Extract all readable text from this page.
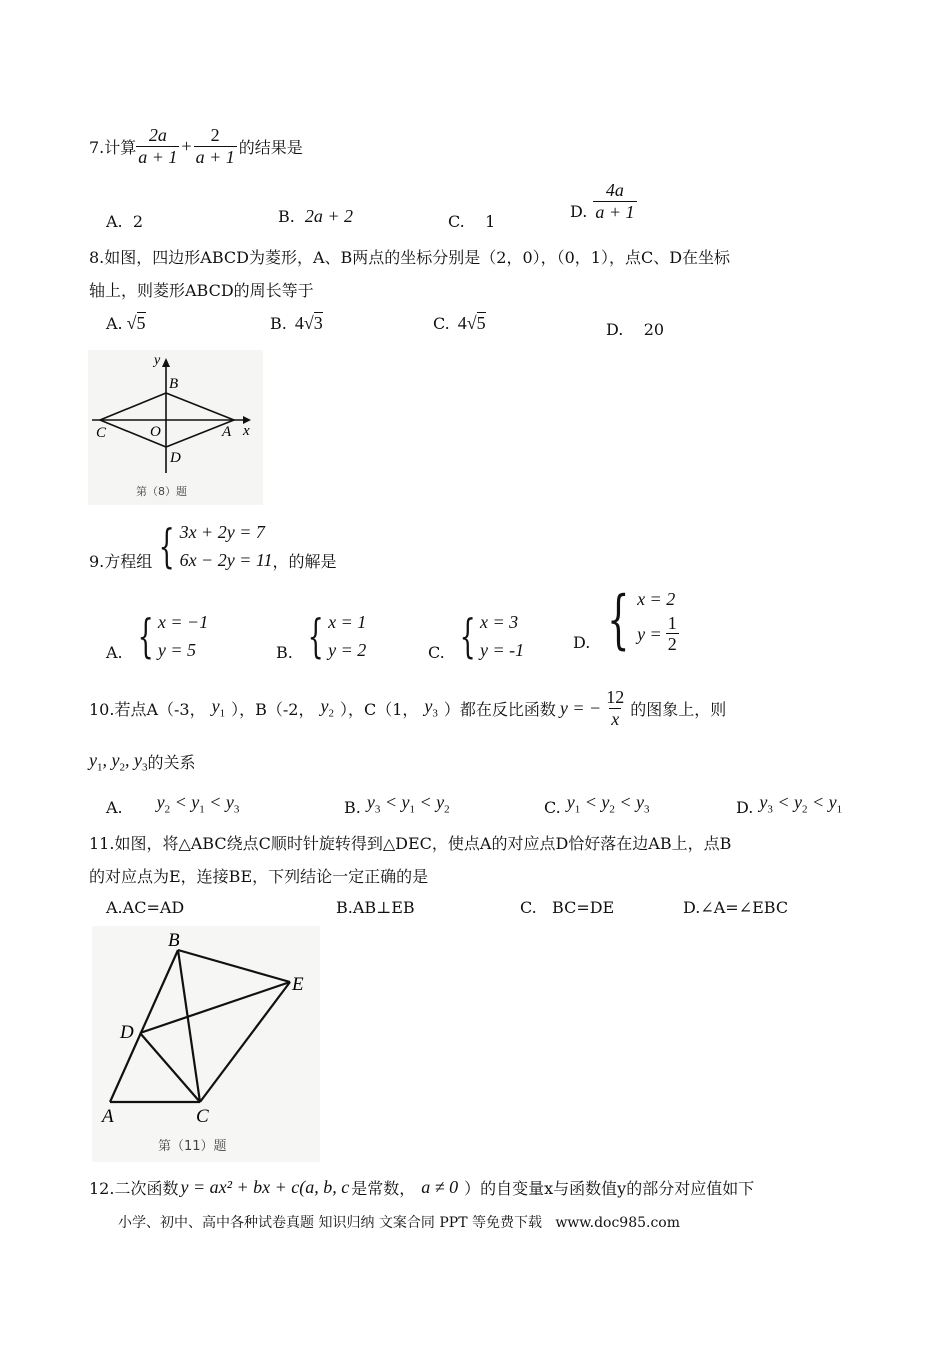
7.计算 $\frac{2a}{a + 1} + \frac{2}{a + 1}$ 的结果是
A. 2	B. 2a + 2	C. 1
D. $\frac{4a}{a + 1}$
8.如图，四边形ABCD为菱形，A、B两点的坐标分别是（2，0），（0，1），点C、D在坐标
轴上，则菱形ABCD的周长等于
A. √5	B. 4√3	C. 4√5	D. 20
y
B
C	O	A x
D
第（8）题
9.方程组 { 3x + 2y = 7
6x − 2y = 11 ，的解是
A. { x = −1
y = 5	B. { x = 1
y = 2	C. { x = 3
y = -1	D. { x = 2
$y = \frac{1}{2}$
10.若点A（-3， $y_1$ ），B（-2， $y_2$ ），C（1， $y_3$ ）都在反比函数 y = − $\frac{12}{x}$ 的图象上，则
$y_1$, $y_2$, $y_3$ 的关系
A. $y_2 < y_1 < y_3$	B. $y_3 < y_1 < y_2$	C. $y_1 < y_2 < y_3$	D. $y_3 < y_2 < y_1$
11.如图，将△ABC绕点C顺时针旋转得到△DEC，使点A的对应点D恰好落在边AB上，点B
的对应点为E，连接BE，下列结论一定正确的是
A.AC=AD	B.AB⊥EB	C.   BC=DE	D.∠A=∠EBC
B
E
D
A	C
第（11）题
12.二次函数 y = ax² + bx + c(a, b, c 是常数， a ≠ 0 ）的自变量x与函数值y的部分对应值如下
小学、初中、高中各种试卷真题 知识归纳 文案合同 PPT 等免费下载   www.doc985.com
